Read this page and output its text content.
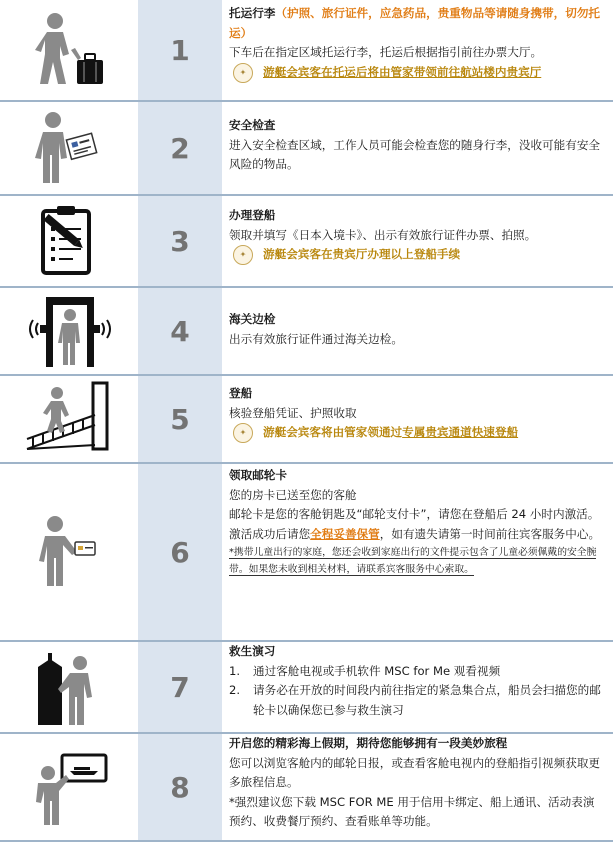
1
托运行李（护照、旅行证件，应急药品，贵重物品等请随身携带，切勿托运）
下车后在指定区域托运行李，托运后根据指引前往办票大厅。
✦	游艇会宾客在托运后将由管家带领前往航站楼内贵宾厅
2
安全检查
进入安全检查区域，工作人员可能会检查您的随身行李，没收可能有安全风险的物品。
3
办理登船
领取并填写《日本入境卡》、出示有效旅行证件办票、拍照。
✦	游艇会宾客在贵宾厅办理以上登船手续
4	海关边检
出示有效旅行证件通过海关边检。
5
登船
核验登船凭证、护照收取
✦	游艇会宾客将由管家领通过 专属贵宾通道快速登船
6
领取邮轮卡
您的房卡已送至您的客舱
邮轮卡是您的客舱钥匙及“邮轮支付卡”，请您在登船后 24 小时内激活。
激活成功后请您全程妥善保管，如有遗失请第一时间前往宾客服务中心。
*携带儿童出行的家庭，您还会收到家庭出行的文件提示包含了儿童必须佩戴的安全腕带。如果您未收到相关材料，请联系宾客服务中心索取。
7
救生演习
1.	通过客舱电视或手机软件 MSC for Me 观看视频
2.	请务必在开放的时间段内前往指定的紧急集合点，船员会扫描您的邮轮卡以确保您已参与救生演习
8
开启您的精彩海上假期，期待您能够拥有一段美妙旅程
您可以浏览客舱内的邮轮日报，或查看客舱电视内的登船指引视频获取更多旅程信息。
*强烈建议您下载 MSC FOR ME 用于信用卡绑定、船上通讯、活动表演预约、收费餐厅预约、查看账单等功能。
